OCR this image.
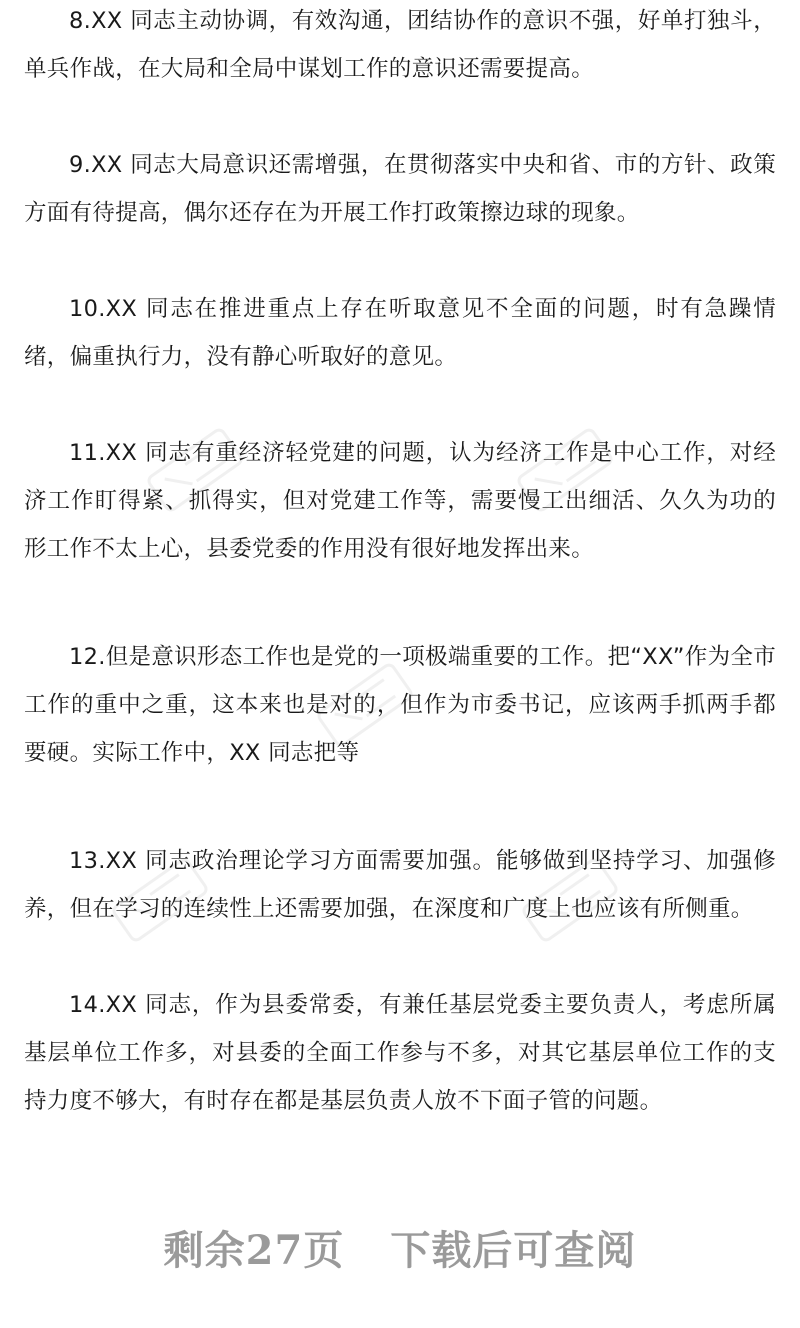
8.XX 同志主动协调，有效沟通，团结协作的意识不强，好单打独斗，单兵作战，在大局和全局中谋划工作的意识还需要提高。

9.XX 同志大局意识还需增强，在贯彻落实中央和省、市的方针、政策方面有待提高，偶尔还存在为开展工作打政策擦边球的现象。

10.XX 同志在推进重点上存在听取意见不全面的问题，时有急躁情绪，偏重执行力，没有静心听取好的意见。

11.XX 同志有重经济轻党建的问题，认为经济工作是中心工作，对经济工作盯得紧、抓得实，但对党建工作等，需要慢工出细活、久久为功的形工作不太上心，县委党委的作用没有很好地发挥出来。

12.但是意识形态工作也是党的一项极端重要的工作。把“XX”作为全市工作的重中之重，这本来也是对的，但作为市委书记，应该两手抓两手都要硬。实际工作中，XX 同志把等

13.XX 同志政治理论学习方面需要加强。能够做到坚持学习、加强修养，但在学习的连续性上还需要加强，在深度和广度上也应该有所侧重。

14.XX 同志，作为县委常委，有兼任基层党委主要负责人，考虑所属基层单位工作多，对县委的全面工作参与不多，对其它基层单位工作的支持力度不够大，有时存在都是基层负责人放不下面子管的问题。

剩余27页 下载后可查阅
